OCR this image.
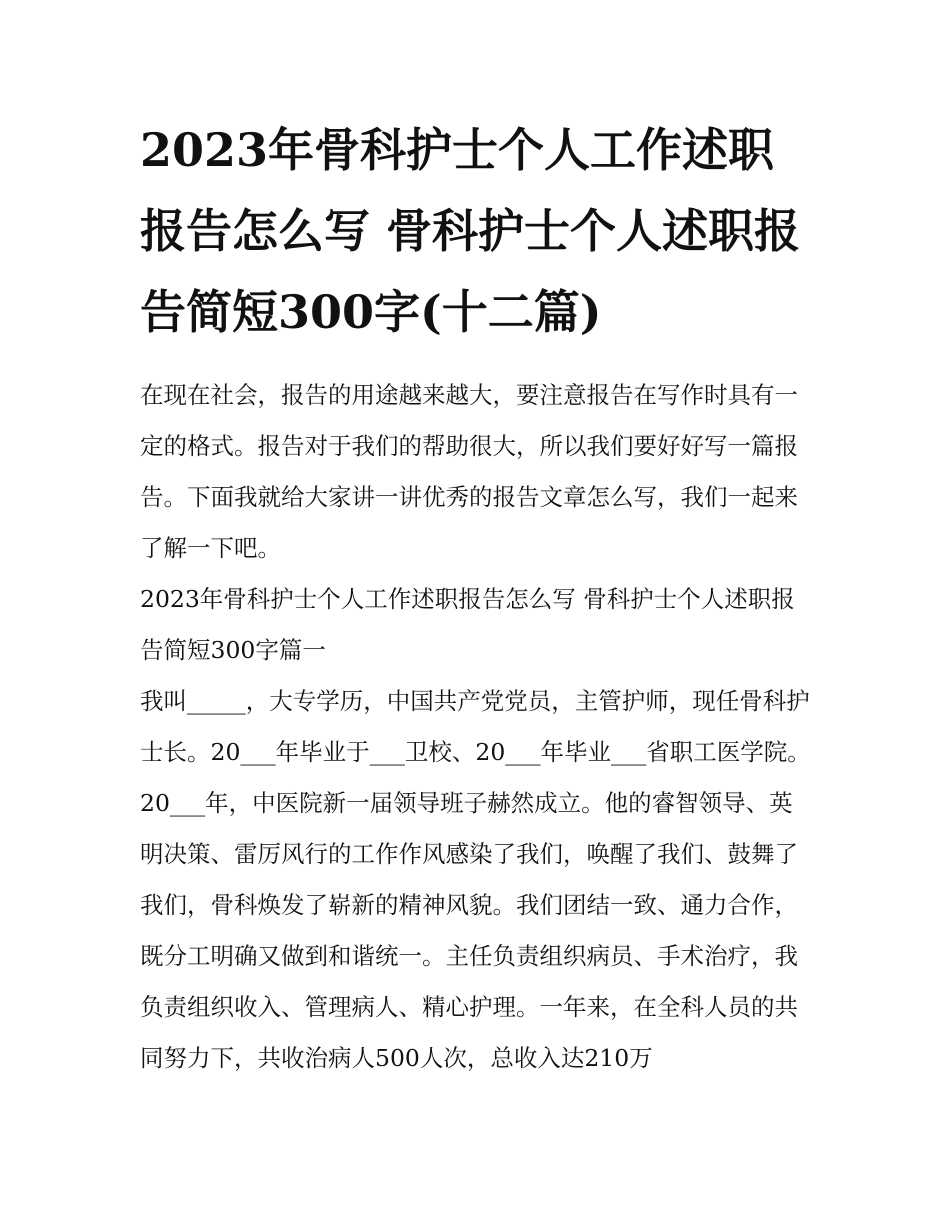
2023年骨科护士个人工作述职报告怎么写 骨科护士个人述职报告简短300字(十二篇)

在现在社会，报告的用途越来越大，要注意报告在写作时具有一定的格式。报告对于我们的帮助很大，所以我们要好好写一篇报告。下面我就给大家讲一讲优秀的报告文章怎么写，我们一起来了解一下吧。

2023年骨科护士个人工作述职报告怎么写 骨科护士个人述职报告简短300字篇一

我叫_____，大专学历，中国共产党党员，主管护师，现任骨科护士长。20___年毕业于___卫校、20___年毕业___省职工医学院。

20___年，中医院新一届领导班子赫然成立。他的睿智领导、英明决策、雷厉风行的工作作风感染了我们，唤醒了我们、鼓舞了我们，骨科焕发了崭新的精神风貌。我们团结一致、通力合作，既分工明确又做到和谐统一。主任负责组织病员、手术治疗，我负责组织收入、管理病人、精心护理。一年来，在全科人员的共同努力下，共收治病人500人次，总收入达210万
